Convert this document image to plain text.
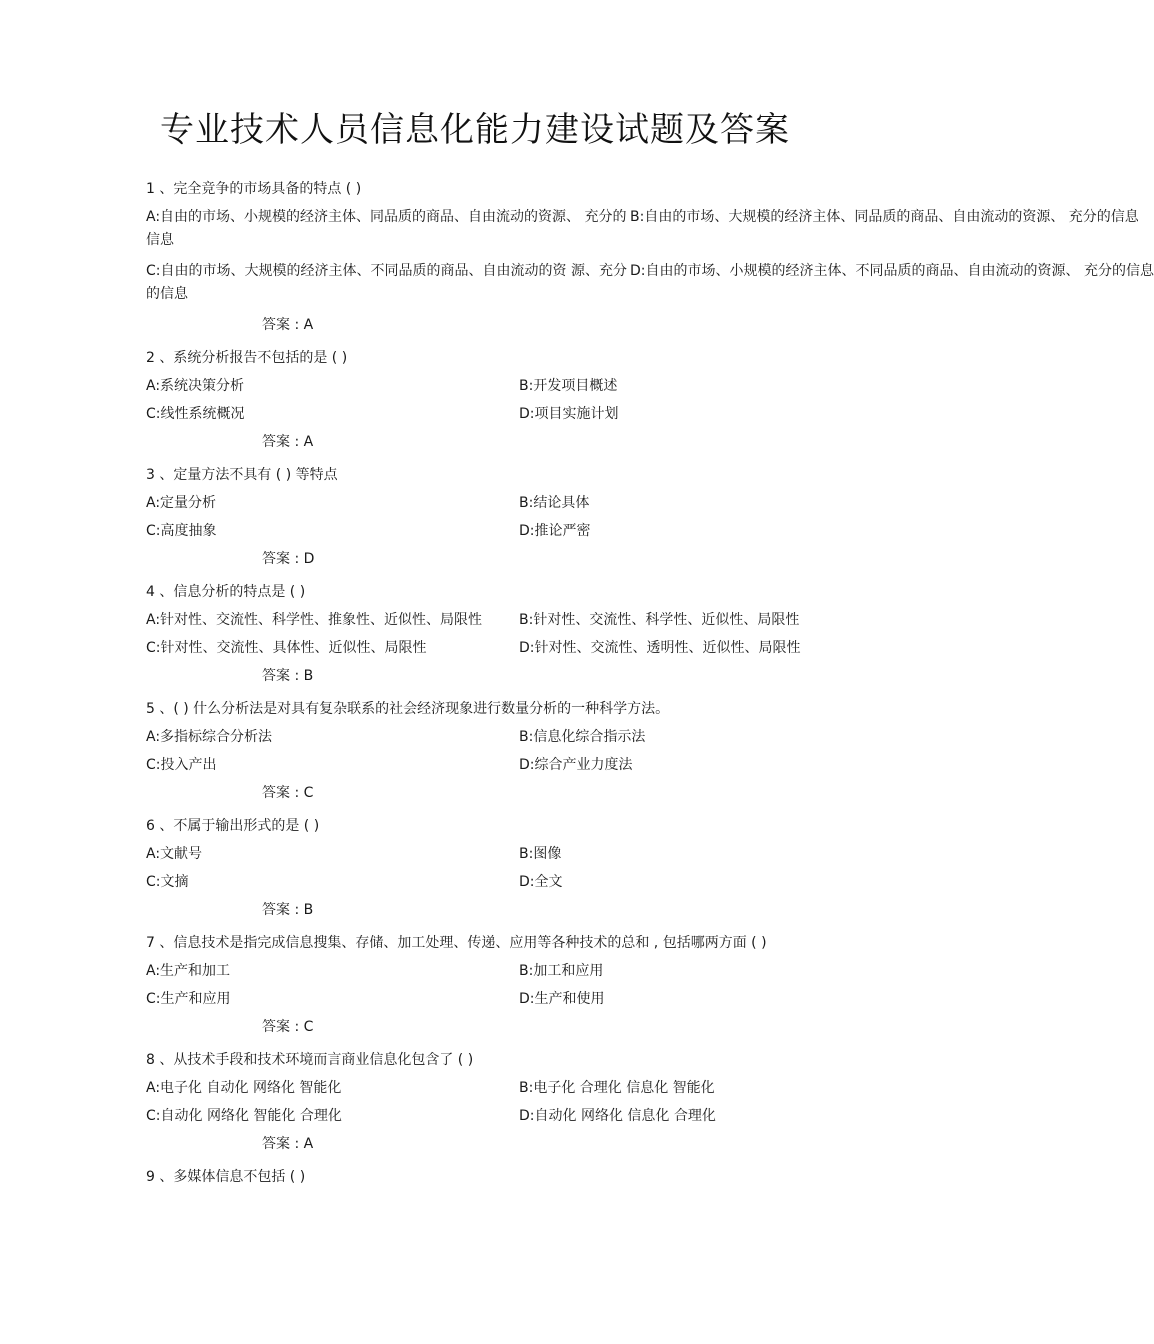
专业技术人员信息化能力建设试题及答案
1 、完全竞争的市场具备的特点 ( )
A:自由的市场、小规模的经济主体、同品质的商品、自由流动的资源、 充分的信息
B:自由的市场、大规模的经济主体、同品质的商品、自由流动的资源、 充分的信息
C:自由的市场、大规模的经济主体、不同品质的商品、自由流动的资 源、充分的信息
D:自由的市场、小规模的经济主体、不同品质的商品、自由流动的资源、 充分的信息
答案 : A
2 、系统分析报告不包括的是 ( )
A:系统决策分析	B:开发项目概述
C:线性系统概况	D:项目实施计划
答案 : A
3 、定量方法不具有 ( ) 等特点
A:定量分析	B:结论具体
C:高度抽象	D:推论严密
答案 : D
4 、信息分析的特点是 ( )
A:针对性、交流性、科学性、推象性、近似性、局限性	B:针对性、交流性、科学性、近似性、局限性
C:针对性、交流性、具体性、近似性、局限性	D:针对性、交流性、透明性、近似性、局限性
答案 : B
5 、( ) 什么分析法是对具有复杂联系的社会经济现象进行数量分析的一种科学方法。
A:多指标综合分析法	B:信息化综合指示法
C:投入产出	D:综合产业力度法
答案 : C
6 、不属于输出形式的是 ( )
A:文献号	B:图像
C:文摘	D:全文
答案 : B
7 、信息技术是指完成信息搜集、存储、加工处理、传递、应用等各种技术的总和 , 包括哪两方面 ( )
A:生产和加工	B:加工和应用
C:生产和应用	D:生产和使用
答案 : C
8 、从技术手段和技术环境而言商业信息化包含了 ( )
A:电子化 自动化 网络化 智能化	B:电子化 合理化 信息化 智能化
C:自动化 网络化 智能化 合理化	D:自动化 网络化 信息化 合理化
答案 : A
9 、多媒体信息不包括 ( )
